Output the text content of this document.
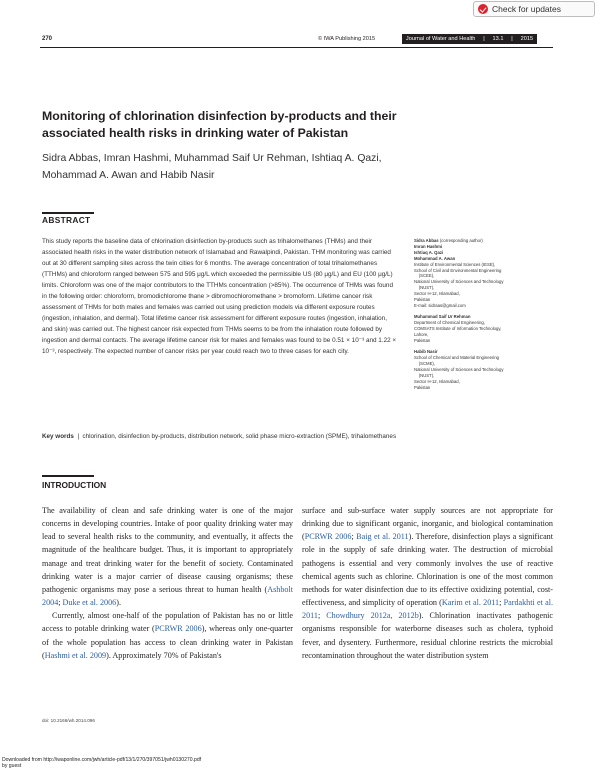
Check for updates
270	© IWA Publishing 2015	Journal of Water and Health | 13.1 | 2015
Monitoring of chlorination disinfection by-products and their associated health risks in drinking water of Pakistan
Sidra Abbas, Imran Hashmi, Muhammad Saif Ur Rehman, Ishtiaq A. Qazi,
Mohammad A. Awan and Habib Nasir
ABSTRACT
This study reports the baseline data of chlorination disinfection by-products such as trihalomethanes (THMs) and their associated health risks in the water distribution network of Islamabad and Rawalpindi, Pakistan. THM monitoring was carried out at 30 different sampling sites across the twin cities for 6 months. The average concentration of total trihalomethanes (TTHMs) and chloroform ranged between 575 and 595 μg/L which exceeded the permissible US (80 μg/L) and EU (100 μg/L) limits. Chloroform was one of the major contributors to the TTHMs concentration (>85%). The occurrence of THMs was found in the following order: chloroform, bromodichlorome thane > dibromochloromethane > bromoform. Lifetime cancer risk assessment of THMs for both males and females was carried out using prediction models via different exposure routes (ingestion, inhalation, and dermal). Total lifetime cancer risk assessment for different exposure routes (ingestion, inhalation, and skin) was carried out. The highest cancer risk expected from THMs seems to be from the inhalation route followed by ingestion and dermal contacts. The average lifetime cancer risk for males and females was found to be 0.51 × 10⁻³ and 1.22 × 10⁻³, respectively. The expected number of cancer risks per year could reach two to three cases for each city.
Key words | chlorination, disinfection by-products, distribution network, solid phase micro-extraction (SPME), trihalomethanes
Sidra Abbas (corresponding author)
Imran Hashmi
Ishtiaq A. Qazi
Mohammad A. Awan
Institute of Environmental Sciences (IESE),
School of Civil and Environmental Engineering
(SCEE),
National University of Sciences and Technology
(NUST),
Sector H-12, Islamabad,
Pakistan
E-mail: sidraas@gmail.com
Muhammad Saif Ur Rehman
Department of Chemical Engineering,
COMSATS Institute of Information Technology,
Lahore,
Pakistan
Habib Nasir
School of Chemical and Material Engineering
(SCME),
National University of Sciences and Technology
(NUST),
Sector H-12, Islamabad,
Pakistan
INTRODUCTION

The availability of clean and safe drinking water is one of the major concerns in developing countries. Intake of poor quality drinking water may lead to several health risks to the community, and eventually, it affects the magnitude of the healthcare budget. Thus, it is important to appropriately manage and treat drinking water for the benefit of society. Contaminated drinking water is a major carrier of disease causing organisms; these pathogenic organisms may pose a serious threat to human health (Ashbolt 2004; Duke et al. 2006).

Currently, almost one-half of the population of Pakistan has no or little access to potable drinking water (PCRWR 2006), whereas only one-quarter of the whole population has access to clean drinking water in Pakistan (Hashmi et al. 2009). Approximately 70% of Pakistan's

surface and sub-surface water supply sources are not appropriate for drinking due to significant organic, inorganic, and biological contamination (PCRWR 2006; Baig et al. 2011). Therefore, disinfection plays a significant role in the supply of safe drinking water. The destruction of microbial pathogens is essential and very commonly involves the use of reactive chemical agents such as chlorine. Chlorination is one of the most common methods for water disinfection due to its effective oxidizing potential, cost-effectiveness, and simplicity of operation (Karim et al. 2011; Pardakhti et al. 2011; Chowdhury 2012a, 2012b). Chlorination inactivates pathogenic organisms responsible for waterborne diseases such as cholera, typhoid fever, and dysentery. Furthermore, residual chlorine restricts the microbial recontamination throughout the water distribution system

doi: 10.2166/wh.2014.096
Downloaded from http://iwaponline.com/jwh/article-pdf/13/1/270/397051/jwh0130270.pdf
by guest
